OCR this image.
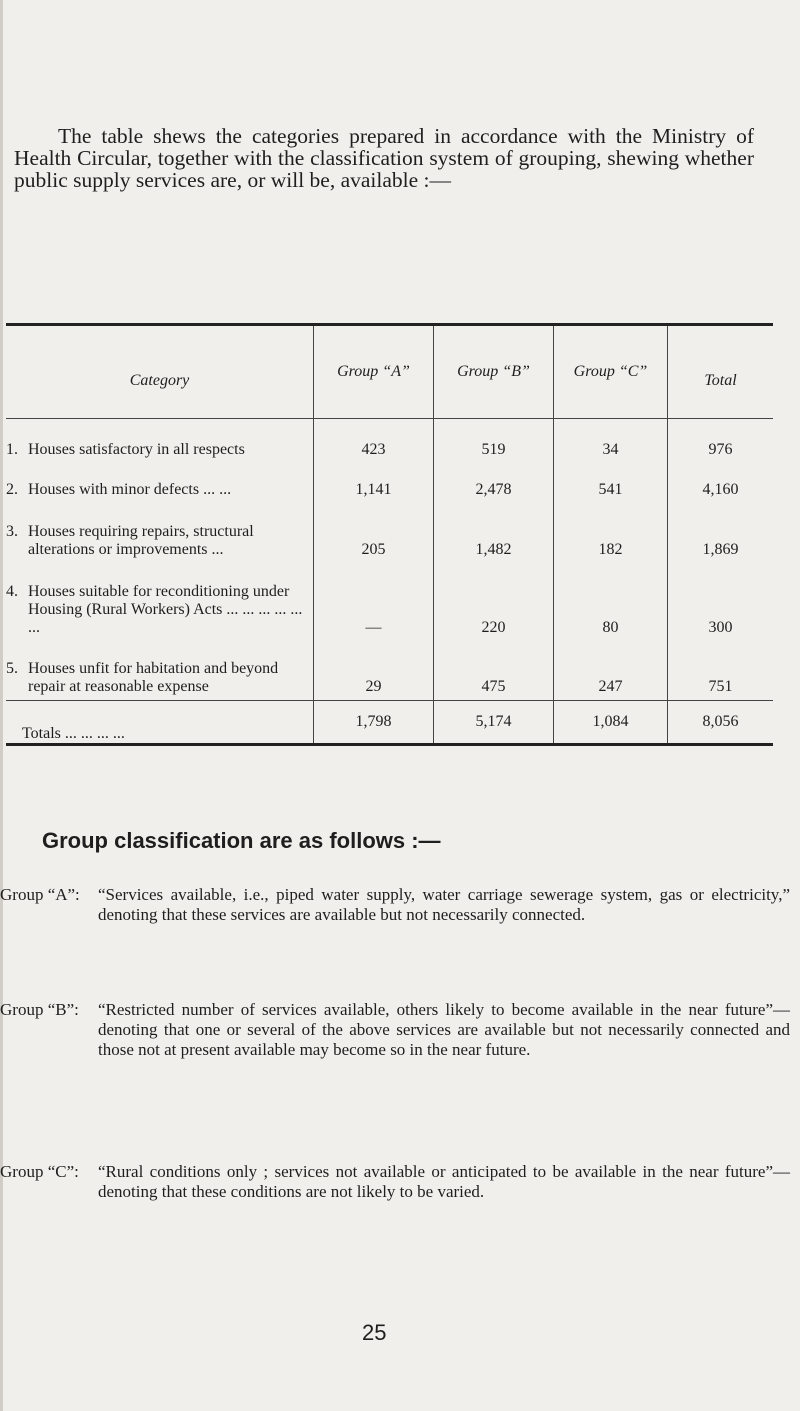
The table shews the categories prepared in accordance with the Ministry of Health Circular, together with the classification system of grouping, shewing whether public supply services are, or will be, available :—

Category	Group “A”	Group “B”	Group “C”	Total

1. Houses satisfactory in all respects	423	519	34	976

2. Houses with minor defects ... ...	1,141	2,478	541	4,160

3. Houses requiring repairs, structural alterations or improvements ...	205	1,482	182	1,869

4. Houses suitable for reconditioning under Housing (Rural Workers) Acts ... ... ... ... ... ...	—	220	80	300

5. Houses unfit for habitation and beyond repair at reasonable expense	29	475	247	751
Totals ... ... ... ...	1,798	5,174	1,084	8,056
Group classification are as follows :—
Group “A”: “Services available, i.e., piped water supply, water carriage sewerage system, gas or electricity,” denoting that these services are available but not necessarily connected.
Group “B”: “Restricted number of services available, others likely to become available in the near future”—denoting that one or several of the above services are available but not necessarily connected and those not at present available may become so in the near future.
Group “C”: “Rural conditions only ; services not available or anticipated to be available in the near future”—denoting that these conditions are not likely to be varied.
25
